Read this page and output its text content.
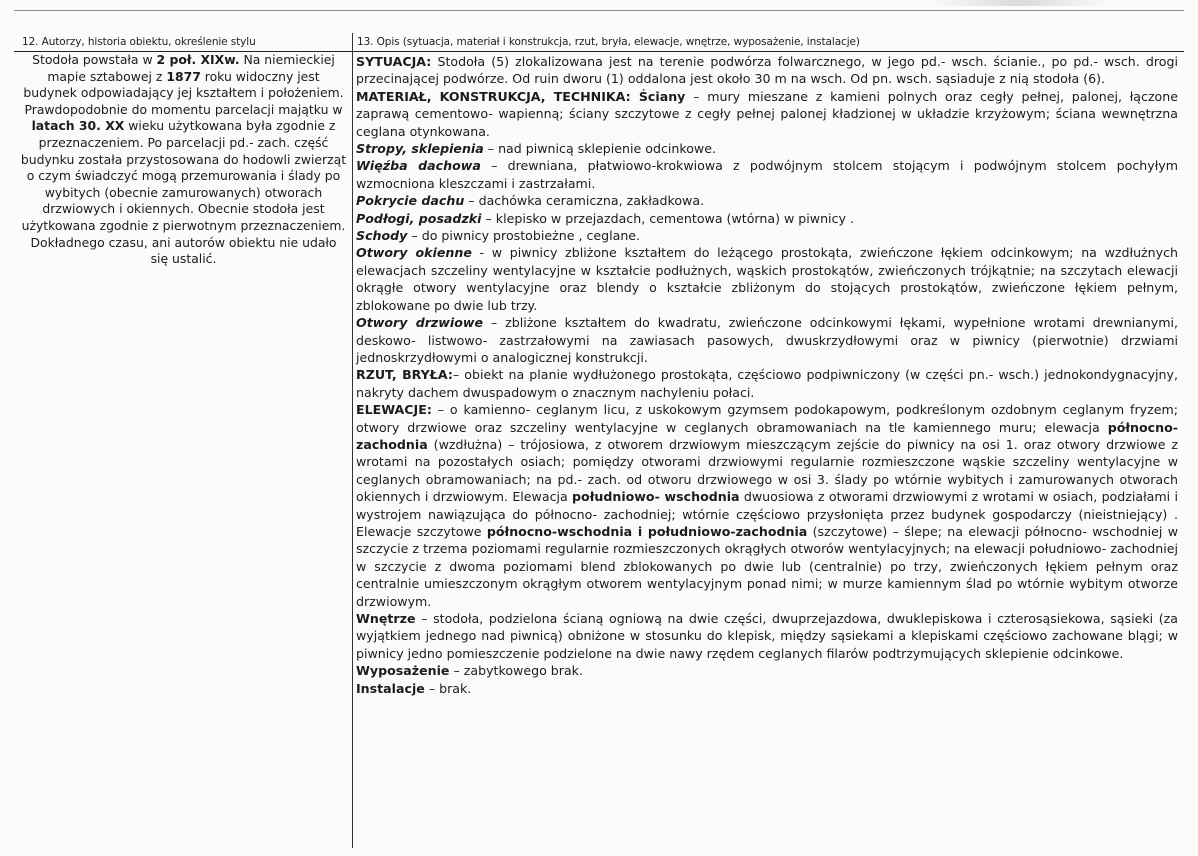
12. Autorzy, historia obiektu, określenie stylu	13. Opis (sytuacja, materiał i konstrukcja, rzut, bryła, elewacje, wnętrze, wyposażenie, instalacje)
Stodoła powstała w 2 poł. XIXw. Na niemieckiej mapie sztabowej z 1877 roku widoczny jest budynek odpowiadający jej kształtem i położeniem. Prawdopodobnie do momentu parcelacji majątku w latach 30. XX wieku użytkowana była zgodnie z przeznaczeniem. Po parcelacji pd.- zach. część budynku została przystosowana do hodowli zwierząt o czym świadczyć mogą przemurowania i ślady po wybitych (obecnie zamurowanych) otworach drzwiowych i okiennych. Obecnie stodoła jest użytkowana zgodnie z pierwotnym przeznaczeniem. Dokładnego czasu, ani autorów obiektu nie udało się ustalić.

SYTUACJA: Stodoła (5) zlokalizowana jest na terenie podwórza folwarcznego, w jego pd.- wsch. ścianie., po pd.- wsch. drogi przecinającej podwórze. Od ruin dworu (1) oddalona jest około 30 m na wsch. Od pn. wsch. sąsiaduje z nią stodoła (6).

MATERIAŁ, KONSTRUKCJA, TECHNIKA: Ściany – mury mieszane z kamieni polnych oraz cegły pełnej, palonej, łączone zaprawą cementowo- wapienną; ściany szczytowe z cegły pełnej palonej kładzionej w układzie krzyżowym; ściana wewnętrzna ceglana otynkowana.

Stropy, sklepienia – nad piwnicą sklepienie odcinkowe.

Więźba dachowa – drewniana, płatwiowo-krokwiowa z podwójnym stolcem stojącym i podwójnym stolcem pochyłym wzmocniona kleszczami i zastrzałami.

Pokrycie dachu – dachówka ceramiczna, zakładkowa.

Podłogi, posadzki – klepisko w przejazdach, cementowa (wtórna) w piwnicy .

Schody – do piwnicy prostobieżne , ceglane.

Otwory okienne - w piwnicy zbliżone kształtem do leżącego prostokąta, zwieńczone łękiem odcinkowym; na wzdłużnych elewacjach szczeliny wentylacyjne w kształcie podłużnych, wąskich prostokątów, zwieńczonych trójkątnie; na szczytach elewacji okrągłe otwory wentylacyjne oraz blendy o kształcie zbliżonym do stojących prostokątów, zwieńczone łękiem pełnym, zblokowane po dwie lub trzy.

Otwory drzwiowe – zbliżone kształtem do kwadratu, zwieńczone odcinkowymi łękami, wypełnione wrotami drewnianymi, deskowo- listwowo- zastrzałowymi na zawiasach pasowych, dwuskrzydłowymi oraz w piwnicy (pierwotnie) drzwiami jednoskrzydłowymi o analogicznej konstrukcji.

RZUT, BRYŁA:– obiekt na planie wydłużonego prostokąta, częściowo podpiwniczony (w części pn.- wsch.) jednokondygnacyjny, nakryty dachem dwuspadowym o znacznym nachyleniu połaci.

ELEWACJE: – o kamienno- ceglanym licu, z uskokowym gzymsem podokapowym, podkreślonym ozdobnym ceglanym fryzem; otwory drzwiowe oraz szczeliny wentylacyjne w ceglanych obramowaniach na tle kamiennego muru; elewacja północno-zachodnia (wzdłużna) – trójosiowa, z otworem drzwiowym mieszczącym zejście do piwnicy na osi 1. oraz otwory drzwiowe z wrotami na pozostałych osiach; pomiędzy otworami drzwiowymi regularnie rozmieszczone wąskie szczeliny wentylacyjne w ceglanych obramowaniach; na pd.- zach. od otworu drzwiowego w osi 3. ślady po wtórnie wybitych i zamurowanych otworach okiennych i drzwiowym. Elewacja południowo- wschodnia dwuosiowa z otworami drzwiowymi z wrotami w osiach, podziałami i wystrojem nawiązująca do północno- zachodniej; wtórnie częściowo przysłonięta przez budynek gospodarczy (nieistniejący) . Elewacje szczytowe północno-wschodnia i południowo-zachodnia (szczytowe) – ślepe; na elewacji północno- wschodniej w szczycie z trzema poziomami regularnie rozmieszczonych okrągłych otworów wentylacyjnych; na elewacji południowo- zachodniej w szczycie z dwoma poziomami blend zblokowanych po dwie lub (centralnie) po trzy, zwieńczonych łękiem pełnym oraz centralnie umieszczonym okrągłym otworem wentylacyjnym ponad nimi; w murze kamiennym ślad po wtórnie wybitym otworze drzwiowym.

Wnętrze – stodoła, podzielona ścianą ogniową na dwie części, dwuprzejazdowa, dwuklepiskowa i czterosąsiekowa, sąsieki (za wyjątkiem jednego nad piwnicą) obniżone w stosunku do klepisk, między sąsiekami a klepiskami częściowo zachowane blągi; w piwnicy jedno pomieszczenie podzielone na dwie nawy rzędem ceglanych filarów podtrzymujących sklepienie odcinkowe.

Wyposażenie – zabytkowego brak.

Instalacje – brak.
